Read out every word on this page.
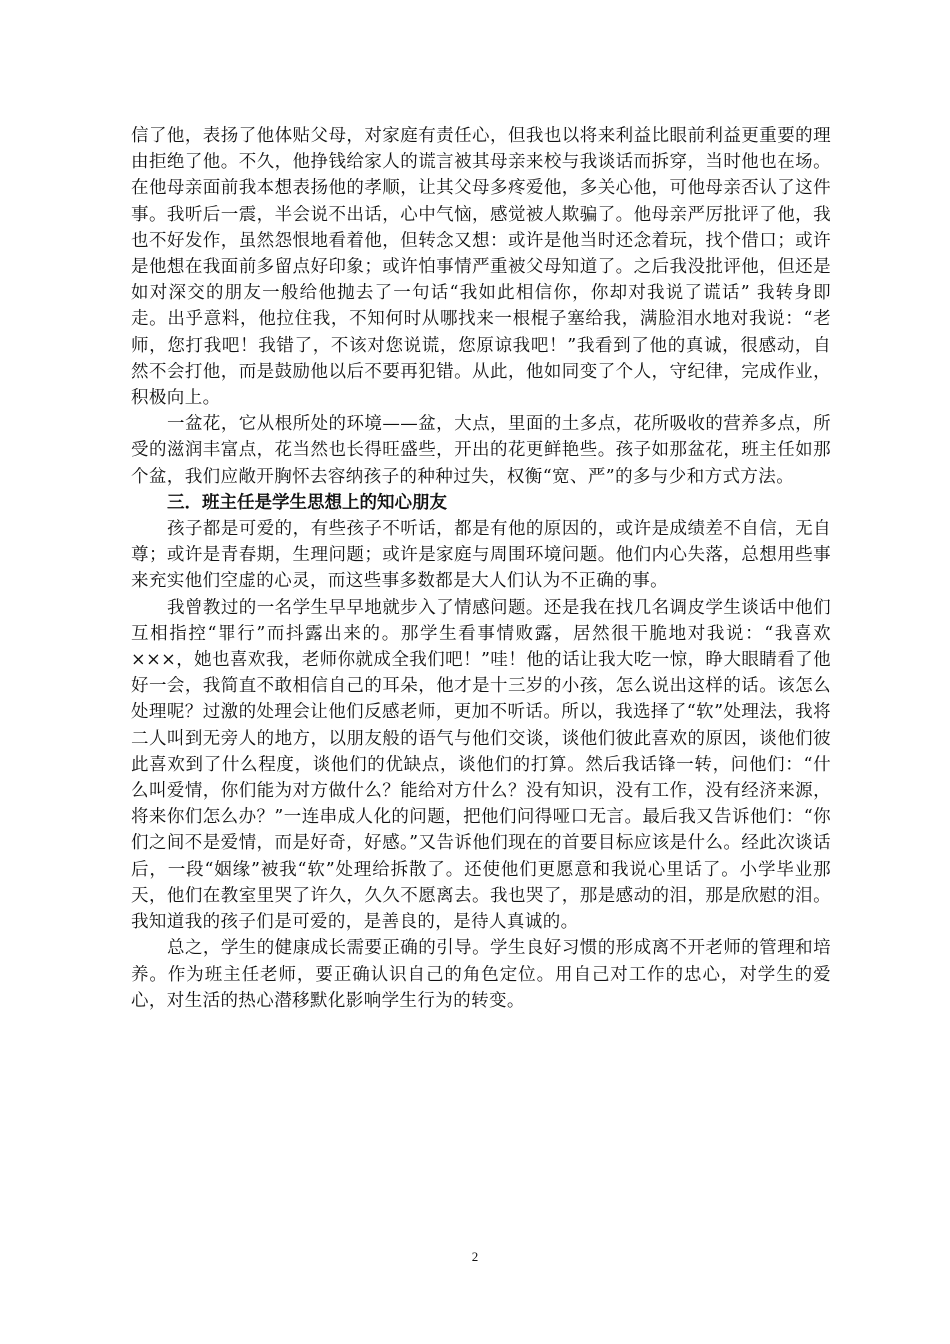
信了他，表扬了他体贴父母，对家庭有责任心，但我也以将来利益比眼前利益更重要的理由拒绝了他。不久，他挣钱给家人的谎言被其母亲来校与我谈话而拆穿，当时他也在场。在他母亲面前我本想表扬他的孝顺，让其父母多疼爱他，多关心他，可他母亲否认了这件事。我听后一震，半会说不出话，心中气恼，感觉被人欺骗了。他母亲严厉批评了他，我也不好发作，虽然怨恨地看着他，但转念又想：或许是他当时还念着玩，找个借口；或许是他想在我面前多留点好印象；或许怕事情严重被父母知道了。之后我没批评他，但还是如对深交的朋友一般给他抛去了一句话“我如此相信你，你却对我说了谎话” 我转身即走。出乎意料，他拉住我，不知何时从哪找来一根棍子塞给我，满脸泪水地对我说：“老师，您打我吧！我错了，不该对您说谎，您原谅我吧！”我看到了他的真诚，很感动，自然不会打他，而是鼓励他以后不要再犯错。从此，他如同变了个人，守纪律，完成作业，积极向上。

一盆花，它从根所处的环境——盆，大点，里面的土多点，花所吸收的营养多点，所受的滋润丰富点，花当然也长得旺盛些，开出的花更鲜艳些。孩子如那盆花，班主任如那个盆，我们应敞开胸怀去容纳孩子的种种过失，权衡“宽、严”的多与少和方式方法。

三．班主任是学生思想上的知心朋友

孩子都是可爱的，有些孩子不听话，都是有他的原因的，或许是成绩差不自信，无自尊；或许是青春期，生理问题；或许是家庭与周围环境问题。他们内心失落，总想用些事来充实他们空虚的心灵，而这些事多数都是大人们认为不正确的事。

我曾教过的一名学生早早地就步入了情感问题。还是我在找几名调皮学生谈话中他们互相指控“罪行”而抖露出来的。那学生看事情败露，居然很干脆地对我说：“我喜欢×××，她也喜欢我，老师你就成全我们吧！”哇！他的话让我大吃一惊，睁大眼睛看了他好一会，我简直不敢相信自己的耳朵，他才是十三岁的小孩，怎么说出这样的话。该怎么处理呢？过激的处理会让他们反感老师，更加不听话。所以，我选择了“软”处理法，我将二人叫到无旁人的地方，以朋友般的语气与他们交谈，谈他们彼此喜欢的原因，谈他们彼此喜欢到了什么程度，谈他们的优缺点，谈他们的打算。然后我话锋一转，问他们：“什么叫爱情，你们能为对方做什么？能给对方什么？没有知识，没有工作，没有经济来源，将来你们怎么办？”一连串成人化的问题，把他们问得哑口无言。最后我又告诉他们：“你们之间不是爱情，而是好奇，好感。”又告诉他们现在的首要目标应该是什么。经此次谈话后，一段“姻缘”被我“软”处理给拆散了。还使他们更愿意和我说心里话了。小学毕业那天，他们在教室里哭了许久，久久不愿离去。我也哭了，那是感动的泪，那是欣慰的泪。我知道我的孩子们是可爱的，是善良的，是待人真诚的。

总之，学生的健康成长需要正确的引导。学生良好习惯的形成离不开老师的管理和培养。作为班主任老师，要正确认识自己的角色定位。用自己对工作的忠心，对学生的爱心，对生活的热心潜移默化影响学生行为的转变。

2
